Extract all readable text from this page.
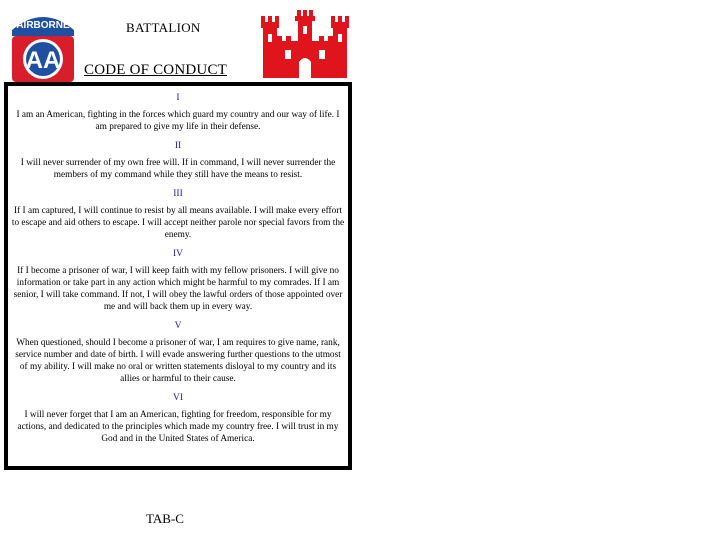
AIRBORNE
AA
BATTALION
CODE OF CONDUCT
I
I am an American, fighting in the forces which guard my country and our way of life. I am prepared to give my life in their defense.
II
I will never surrender of my own free will. If in command, I will never surrender the members of my command while they still have the means to resist.
III
If I am captured, I will continue to resist by all means available. I will make every effort to escape and aid others to escape. I will accept neither parole nor special favors from the enemy.
IV
If I become a prisoner of war, I will keep faith with my fellow prisoners. I will give no information or take part in any action which might be harmful to my comrades. If I am senior, I will take command. If not, I will obey the lawful orders of those appointed over me and will back them up in every way.
V
When questioned, should I become a prisoner of war, I am requires to give name, rank, service number and date of birth. I will evade answering further questions to the utmost of my ability. I will make no oral or written statements disloyal to my country and its allies or harmful to their cause.
VI
I will never forget that I am an American, fighting for freedom, responsible for my actions, and dedicated to the principles which made my country free. I will trust in my God and in the United States of America.
TAB-C
